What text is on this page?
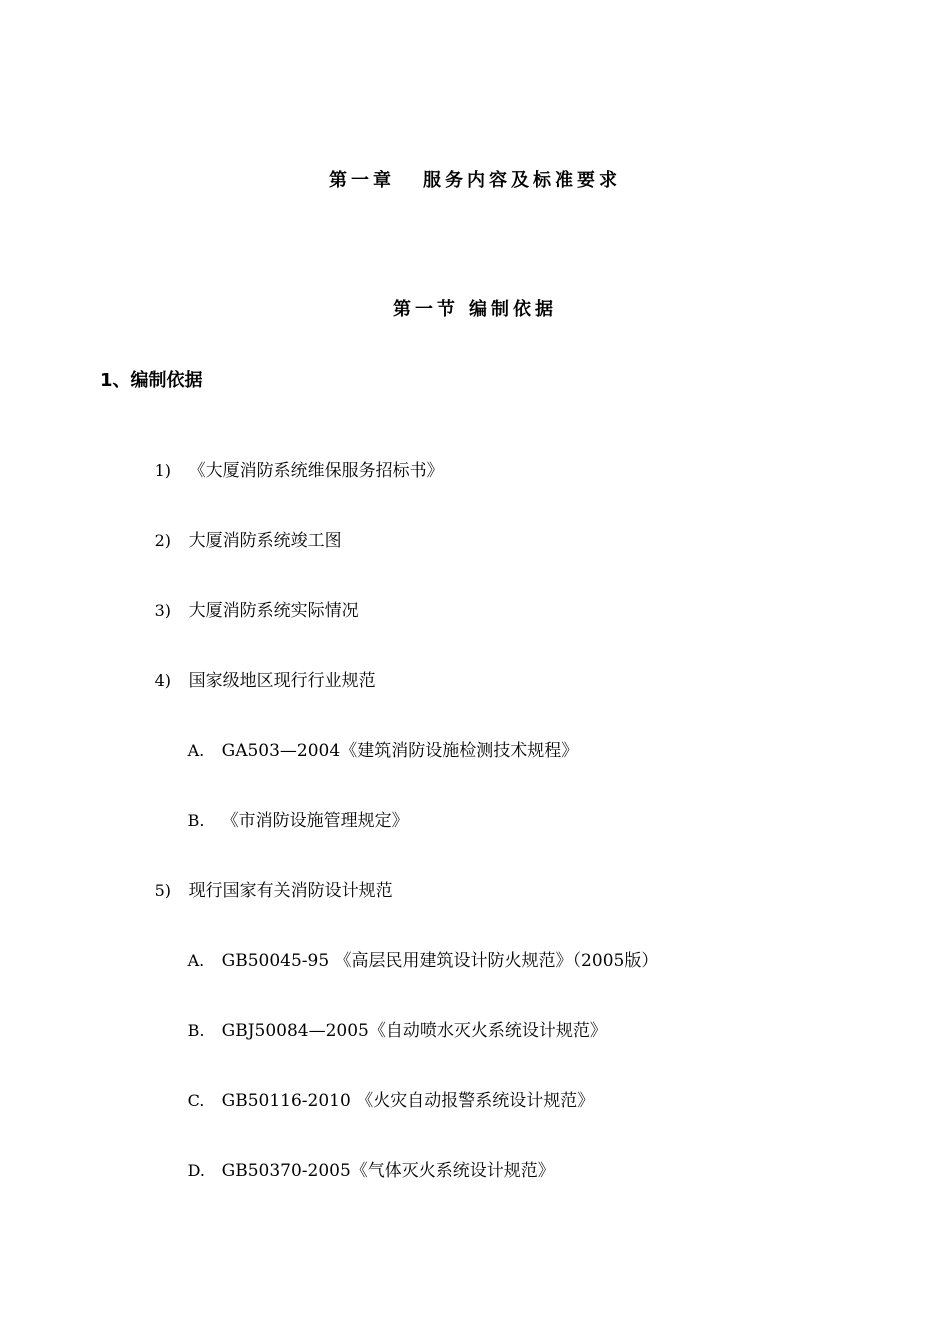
第一章 服务内容及标准要求
第一节 编制依据
1、编制依据

1) 《大厦消防系统维保服务招标书》

2) 大厦消防系统竣工图

3) 大厦消防系统实际情况

4) 国家级地区现行行业规范

A. GA503—2004《建筑消防设施检测技术规程》

B. 《市消防设施管理规定》

5) 现行国家有关消防设计规范

A. GB50045-95 《高层民用建筑设计防火规范》（2005版）

B. GBJ50084—2005《自动喷水灭火系统设计规范》

C. GB50116-2010 《火灾自动报警系统设计规范》

D. GB50370-2005《气体灭火系统设计规范》
